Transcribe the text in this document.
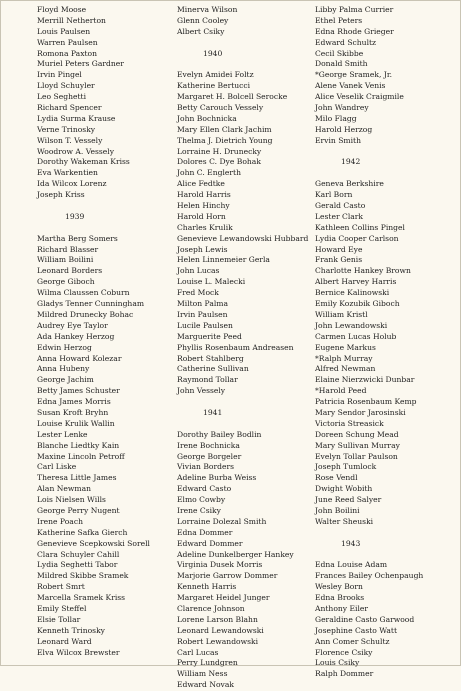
Floyd Moose
Merrill Netherton
Louis Paulsen
Warren Paulsen
Romona Paxton
Muriel Peters Gardner
Irvin Pingel
Lloyd Schuyler
Leo Seghetti
Richard Spencer
Lydia Surma Krause
Verne Trinosky
Wilson T. Vessely
Woodrow A. Vessely
Dorothy Wakeman Kriss
Eva Warkentien
Ida Wilcox Lorenz
Joseph Kriss
1939
Martha Berg Somers
Richard Blasser
William Boilini
Leonard Borders
George Giboch
Wilma Claussen Coburn
Gladys Tenner Cunningham
Mildred Drunecky Bohac
Audrey Eye Taylor
Ada Hankey Herzog
Edwin Herzog
Anna Howard Kolezar
Anna Hubeny
George Jachim
Betty James Schuster
Edna James Morris
Susan Kroft Bryhn
Louise Krulik Wallin
Lester Lenke
Blanche Liedtky Kain
Maxine Lincoln Petroff
Carl Liske
Theresa Little James
Alan Newman
Lois Nielsen Wills
George Perry Nugent
Irene Poach
Katherine Safka Gierch
Genevieve Scepkowski Sorell
Clara Schuyler Cahill
Lydia Seghetti Tabor
Mildred Skibbe Sramek
Robert Smrt
Marcella Sramek Kriss
Emily Steffel
Elsie Tollar
Kenneth Trinosky
Leonard Ward
Elva Wilcox Brewster
Minerva Wilson
Glenn Cooley
Albert Csiky
1940
Evelyn Amidei Foltz
Katherine Bertucci
Margaret H. Bolcell Serocke
Betty Carouch Vessely
John Bochnicka
Mary Ellen Clark Jachim
Thelma J. Dietrich Young
Lorraine H. Drunecky
Dolores C. Dye Bohak
John C. Englerth
Alice Fedtke
Harold Harris
Helen Hinchy
Harold Horn
Charles Krulik
Genevieve Lewandowski Hubbard
Joseph Lewis
Helen Linnemeier Gerla
John Lucas
Louise L. Malecki
Fred Mock
Milton Palma
Irvin Paulsen
Lucile Paulsen
Marguerite Peed
Phyllis Rosenbaum Andreasen
Robert Stahlberg
Catherine Sullivan
Raymond Tollar
John Vessely
1941
Dorothy Bailey Bodlin
Irene Bochnicka
George Borgeler
Vivian Borders
Adeline Burba Weiss
Edward Casto
Elmo Cowby
Irene Csiky
Lorraine Dolezal Smith
Edna Dommer
Edward Dommer
Adeline Dunkelberger Hankey
Virginia Dusek Morris
Marjorie Garrow Dommer
Kenneth Harris
Margaret Heidel Junger
Clarence Johnson
Lorene Larson Blahn
Leonard Lewandowski
Robert Lewandowski
Carl Lucas
Perry Lundgren
William Ness
Edward Novak
Libby Palma Currier
Ethel Peters
Edna Rhode Grieger
Edward Schultz
Cecil Skibbe
Donald Smith
*George Sramek, Jr.
Alene Vanek Venis
Alice Veselik Craigmile
John Wandrey
Milo Flagg
Harold Herzog
Ervin Smith
1942
Geneva Berkshire
Karl Born
Gerald Casto
Lester Clark
Kathleen Collins Pingel
Lydia Cooper Carlson
Howard Eye
Frank Genis
Charlotte Hankey Brown
Albert Harvey Harris
Bernice Kalinowski
Emily Kozubik Giboch
William Kristl
John Lewandowski
Carmen Lucas Holub
Eugene Markus
*Ralph Murray
Alfred Newman
Elaine Nierzwicki Dunbar
*Harold Peed
Patricia Rosenbaum Kemp
Mary Sendor Jarosinski
Victoria Streasick
Doreen Schung Mead
Mary Sullivan Murray
Evelyn Tollar Paulson
Joseph Tumlock
Rose Vendl
Dwight Wobith
June Reed Salyer
John Boilini
Walter Sheuski
1943
Edna Louise Adam
Frances Bailey Ochenpaugh
Wesley Born
Edna Brooks
Anthony Eiler
Geraldine Casto Garwood
Josephine Casto Watt
Ann Comer Schultz
Florence Csiky
Louis Csiky
Ralph Dommer
